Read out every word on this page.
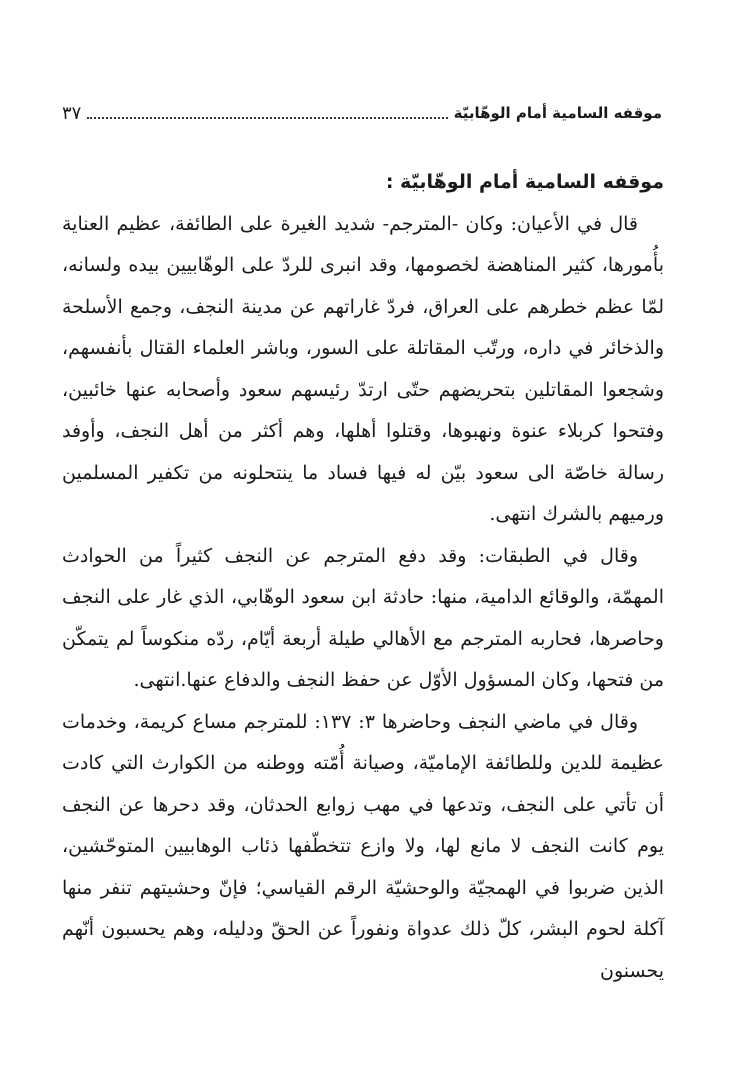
موقفه السامية أمام الوهّابيّة
٣٧

موقفه السامية أمام الوهّابيّة :

قال في الأعيان: وكان -المترجم- شديد الغيرة على الطائفة، عظيم العناية بأُمورها، كثير المناهضة لخصومها، وقد انبرى للردّ على الوهّابيين بيده ولسانه، لمّا عظم خطرهم على العراق، فردّ غاراتهم عن مدينة النجف، وجمع الأسلحة والذخائر في داره، ورتّب المقاتلة على السور، وباشر العلماء القتال بأنفسهم، وشجعوا المقاتلين بتحريضهم حتّى ارتدّ رئيسهم سعود وأصحابه عنها خائبين، وفتحوا كربلاء عنوة ونهبوها، وقتلوا أهلها، وهم أكثر من أهل النجف، وأوفد رسالة خاصّة الى سعود بيّن له فيها فساد ما ينتحلونه من تكفير المسلمين ورميهم بالشرك انتهى.

وقال في الطبقات: وقد دفع المترجم عن النجف كثيراً من الحوادث المهمّة، والوقائع الدامية، منها: حادثة ابن سعود الوهّابي، الذي غار على النجف وحاصرها، فحاربه المترجم مع الأهالي طيلة أربعة أيّام، ردّه منكوساً لم يتمكّن من فتحها، وكان المسؤول الأوّل عن حفظ النجف والدفاع عنها.انتهى.

وقال في ماضي النجف وحاضرها ٣: ١٣٧: للمترجم مساع كريمة، وخدمات عظيمة للدين وللطائفة الإماميّة، وصيانة أُمّته ووطنه من الكوارث التي كادت أن تأتي على النجف، وتدعها في مهب زوابع الحدثان، وقد دحرها عن النجف يوم كانت النجف لا مانع لها، ولا وازع تتخطّفها ذئاب الوهابيين المتوحّشين، الذين ضربوا في الهمجيّة والوحشيّة الرقم القياسي؛ فإنّ وحشيتهم تنفر منها آكلة لحوم البشر، كلّ ذلك عدواة ونفوراً عن الحقّ ودليله، وهم يحسبون أنّهم يحسنون
